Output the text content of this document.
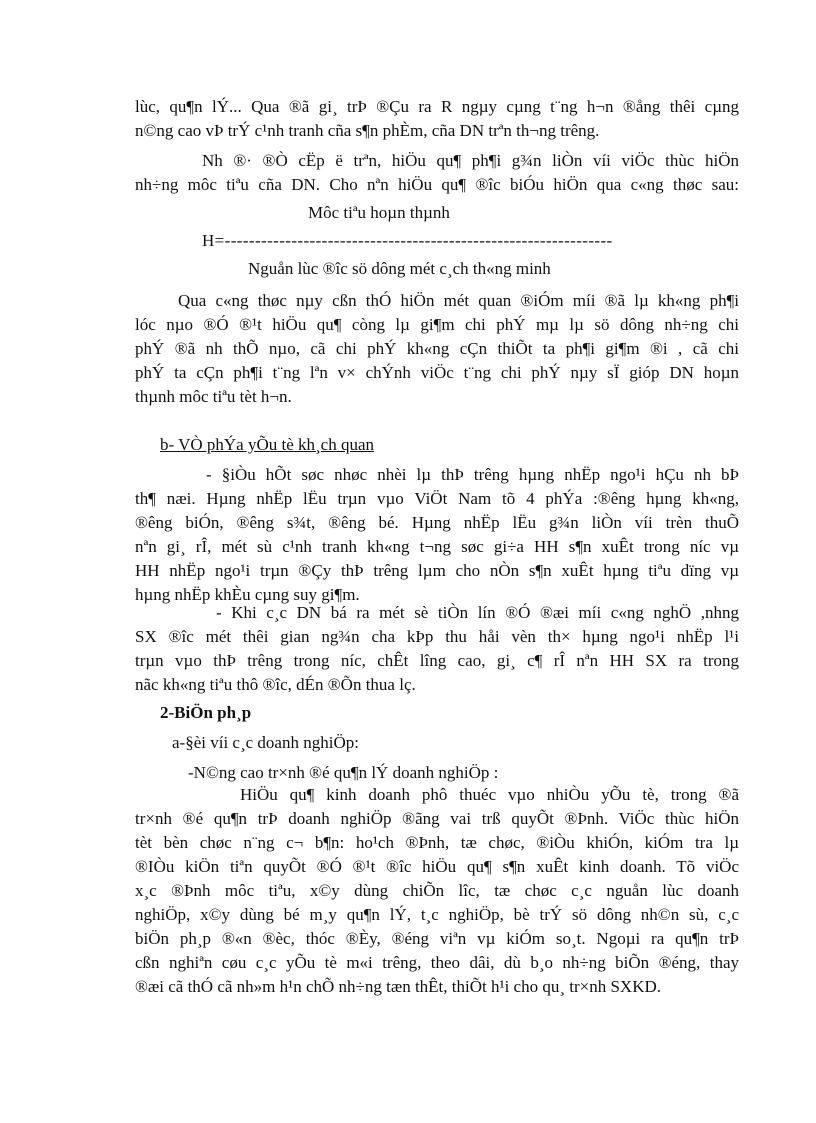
lùc, qu¶n lÝ... Qua ®ã gi¸ trÞ ®Çu ra R ngµy cµng t¨ng h¬n ®ång thêi cµng
n©ng cao vÞ trÝ c¹nh tranh cña s¶n phÈm, cña DN trªn th¬ng trêng.
Nh ®· ®Ò cËp ë trªn, hiÖu qu¶ ph¶i g¾n liÒn víi viÖc thùc hiÖn
nh÷ng môc tiªu cña DN. Cho nªn hiÖu qu¶ ®îc biÓu hiÖn qua c«ng thøc sau:
Môc tiªu hoµn thµnh
H=----------------------------------------------------------------
Nguån lùc ®îc sö dông mét c¸ch th«ng minh
Qua c«ng thøc nµy cßn thÓ hiÖn mét quan ®iÓm míi ®ã lµ kh«ng ph¶i
lóc nµo ®Ó ®¹t hiÖu qu¶ còng lµ gi¶m chi phÝ mµ lµ sö dông nh÷ng chi
phÝ ®ã nh thÕ nµo, cã chi phÝ kh«ng cÇn thiÕt ta ph¶i gi¶m ®i , cã chi
phÝ ta cÇn ph¶i t¨ng lªn v× chÝnh viÖc t¨ng chi phÝ nµy sÏ gióp DN hoµn
thµnh môc tiªu tèt h¬n.
b- VÒ phÝa yÕu tè kh¸ch quan
- §iÒu hÕt søc nhøc nhèi lµ thÞ trêng hµng nhËp ngo¹i hÇu nh bÞ
th¶ næi. Hµng nhËp lËu trµn vµo ViÖt Nam tõ 4 phÝa :®êng hµng kh«ng,
®êng biÓn, ®êng s¾t, ®êng bé. Hµng nhËp lËu g¾n liÒn víi trèn thuÕ
nªn gi¸ rÎ, mét sù c¹nh tranh kh«ng t¬ng søc gi÷a HH s¶n xuÊt trong níc vµ
HH nhËp ngo¹i trµn ®Çy thÞ trêng lµm cho nÒn s¶n xuÊt hµng tiªu dïng vµ
hµng nhËp khÈu cµng suy gi¶m.
- Khi c¸c DN bá ra mét sè tiÒn lín ®Ó ®æi míi c«ng nghÖ ,nhng
SX ®îc mét thêi gian ng¾n cha kÞp thu håi vèn th× hµng ngo¹i nhËp l¹i
trµn vµo thÞ trêng trong níc, chÊt lîng cao, gi¸ c¶ rÎ nªn HH SX ra trong
nãc kh«ng tiªu thô ®îc, dÉn ®Õn thua lç.
2-BiÖn ph¸p
a-§èi víi c¸c doanh nghiÖp:
-N©ng cao tr×nh ®é qu¶n lÝ doanh nghiÖp :
HiÖu qu¶ kinh doanh phô thuéc vµo nhiÒu yÕu tè, trong ®ã
tr×nh ®é qu¶n trÞ doanh nghiÖp ®ãng vai trß quyÕt ®Þnh. ViÖc thùc hiÖn
tèt bèn chøc n¨ng c¬ b¶n: ho¹ch ®Þnh, tæ chøc, ®iÒu khiÓn, kiÓm tra lµ
®IÒu kiÖn tiªn quyÕt ®Ó ®¹t ®îc hiÖu qu¶ s¶n xuÊt kinh doanh. Tõ viÖc
x¸c ®Þnh môc tiªu, x©y dùng chiÕn lîc, tæ chøc c¸c nguån lùc doanh
nghiÖp, x©y dùng bé m¸y qu¶n lÝ, t¸c nghiÖp, bè trÝ sö dông nh©n sù, c¸c
biÖn ph¸p ®«n ®èc, thóc ®Èy, ®éng viªn vµ kiÓm so¸t. Ngoµi ra qu¶n trÞ
cßn nghiªn cøu c¸c yÕu tè m«i trêng, theo dâi, dù b¸o nh÷ng biÕn ®éng, thay
®æi cã thÓ cã nh»m h¹n chÕ nh÷ng tæn thÊt, thiÕt h¹i cho qu¸ tr×nh SXKD.
